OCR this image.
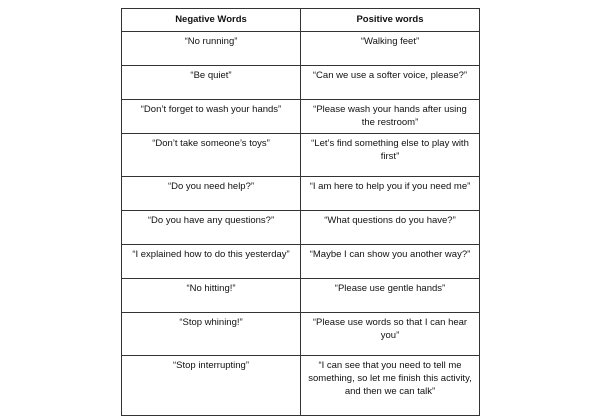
Negative Words	Positive words
“No running”	“Walking feet”
“Be quiet”	“Can we use a softer voice, please?”
“Don’t forget to wash your hands”	“Please wash your hands after using the restroom”
“Don’t take someone’s toys”	“Let’s find something else to play with first”
“Do you need help?”	“I am here to help you if you need me”
“Do you have any questions?”	“What questions do you have?”
“I explained how to do this yesterday”	“Maybe I can show you another way?”
“No hitting!”	“Please use gentle hands”
“Stop whining!”	“Please use words so that I can hear you”
“Stop interrupting”	“I can see that you need to tell me something, so let me finish this activity, and then we can talk”
